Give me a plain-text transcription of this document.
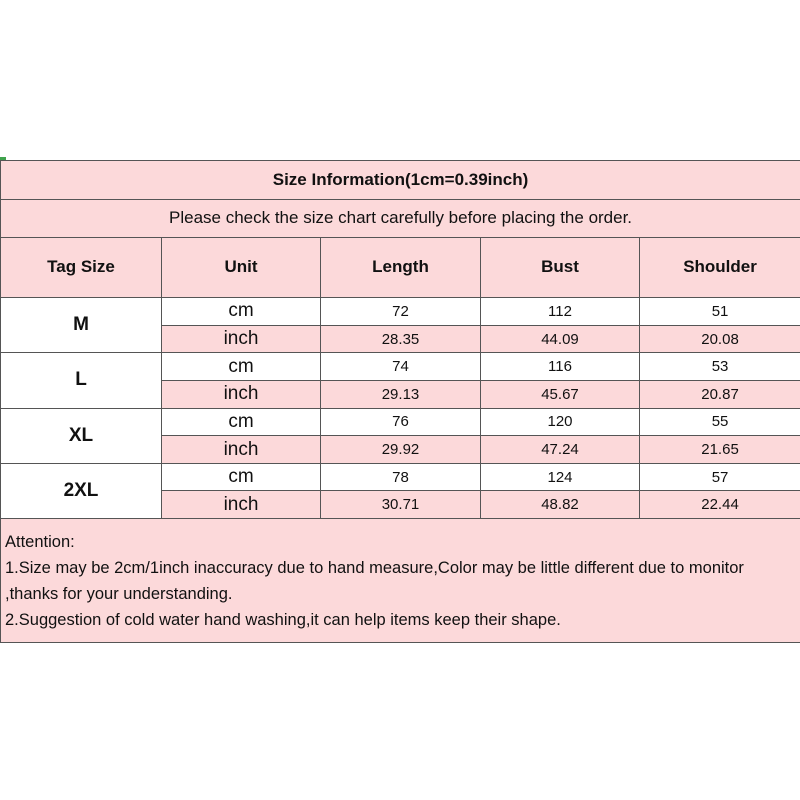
Size Information(1cm=0.39inch)				
Please check the size chart carefully before placing the order.				
Tag Size	Unit	Length	Bust	Shoulder
M	cm	72	112	51
	inch	28.35	44.09	20.08
L	cm	74	116	53
	inch	29.13	45.67	20.87
XL	cm	76	120	55
	inch	29.92	47.24	21.65
2XL	cm	78	124	57
	inch	30.71	48.82	22.44

Attention:
1.Size may be 2cm/1inch inaccuracy due to hand measure,Color may be little different due to monitor ,thanks for your understanding.
2.Suggestion of cold water hand washing,it can help items keep their shape.				
